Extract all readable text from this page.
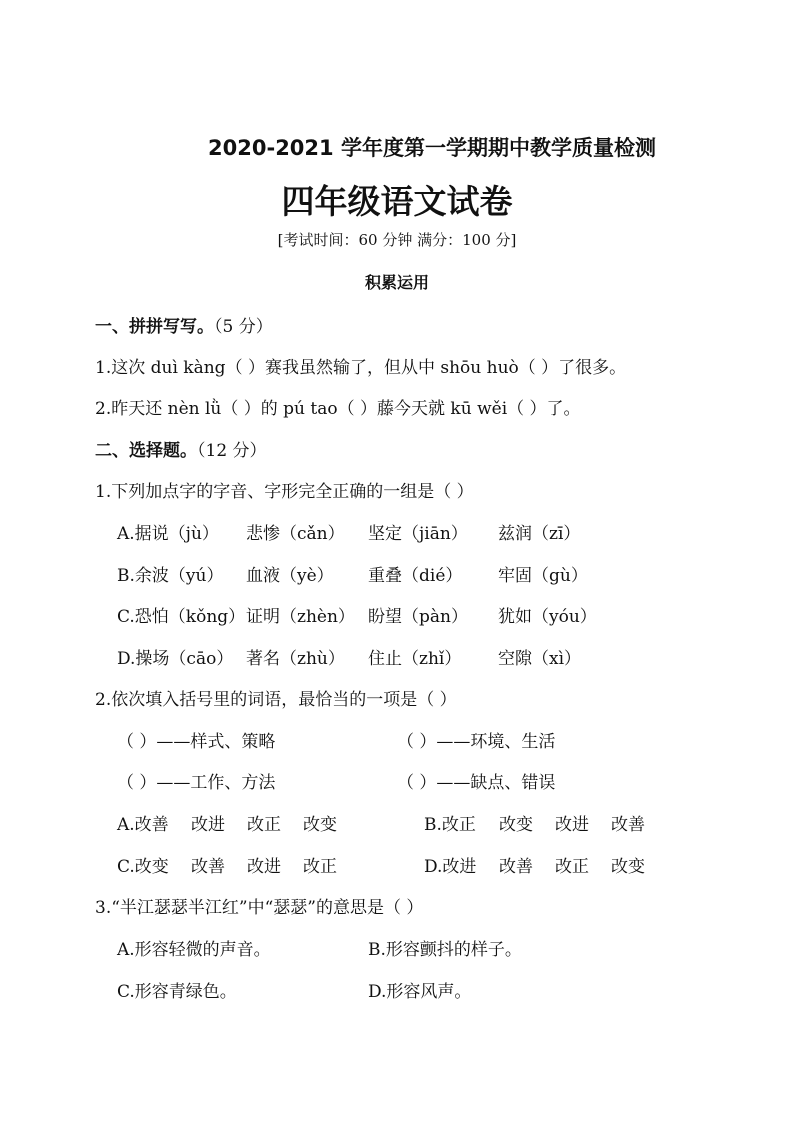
2020-2021 学年度第一学期期中教学质量检测
四年级语文试卷
[考试时间：60 分钟 满分：100 分]
积累运用
一、拼拼写写。（5 分）
1.这次 duì kàng（ ）赛我虽然输了，但从中 shōu huò（ ）了很多。
2.昨天还 nèn lǜ（ ）的 pú tao（ ）藤今天就 kū wěi（ ）了。
二、选择题。（12 分）
1.下列加点字的字音、字形完全正确的一组是（ ）
A.据说（jù） 悲惨（cǎn） 坚定（jiān） 兹润（zī）
B.余波（yú） 血液（yè） 重叠（dié） 牢固（gù）
C.恐怕（kǒng） 证明（zhèn） 盼望（pàn） 犹如（yóu）
D.操场（cāo） 著名（zhù） 住止（zhǐ） 空隙（xì）
2.依次填入括号里的词语，最恰当的一项是（ ）
（ ）——样式、策略	（ ）——环境、生活
（ ）——工作、方法	（ ）——缺点、错误
A.改善 改进 改正 改变	B.改正 改变 改进 改善
C.改变 改善 改进 改正	D.改进 改善 改正 改变
3.“半江瑟瑟半江红”中“瑟瑟”的意思是（ ）
A.形容轻微的声音。	B.形容颤抖的样子。
C.形容青绿色。	D.形容风声。
